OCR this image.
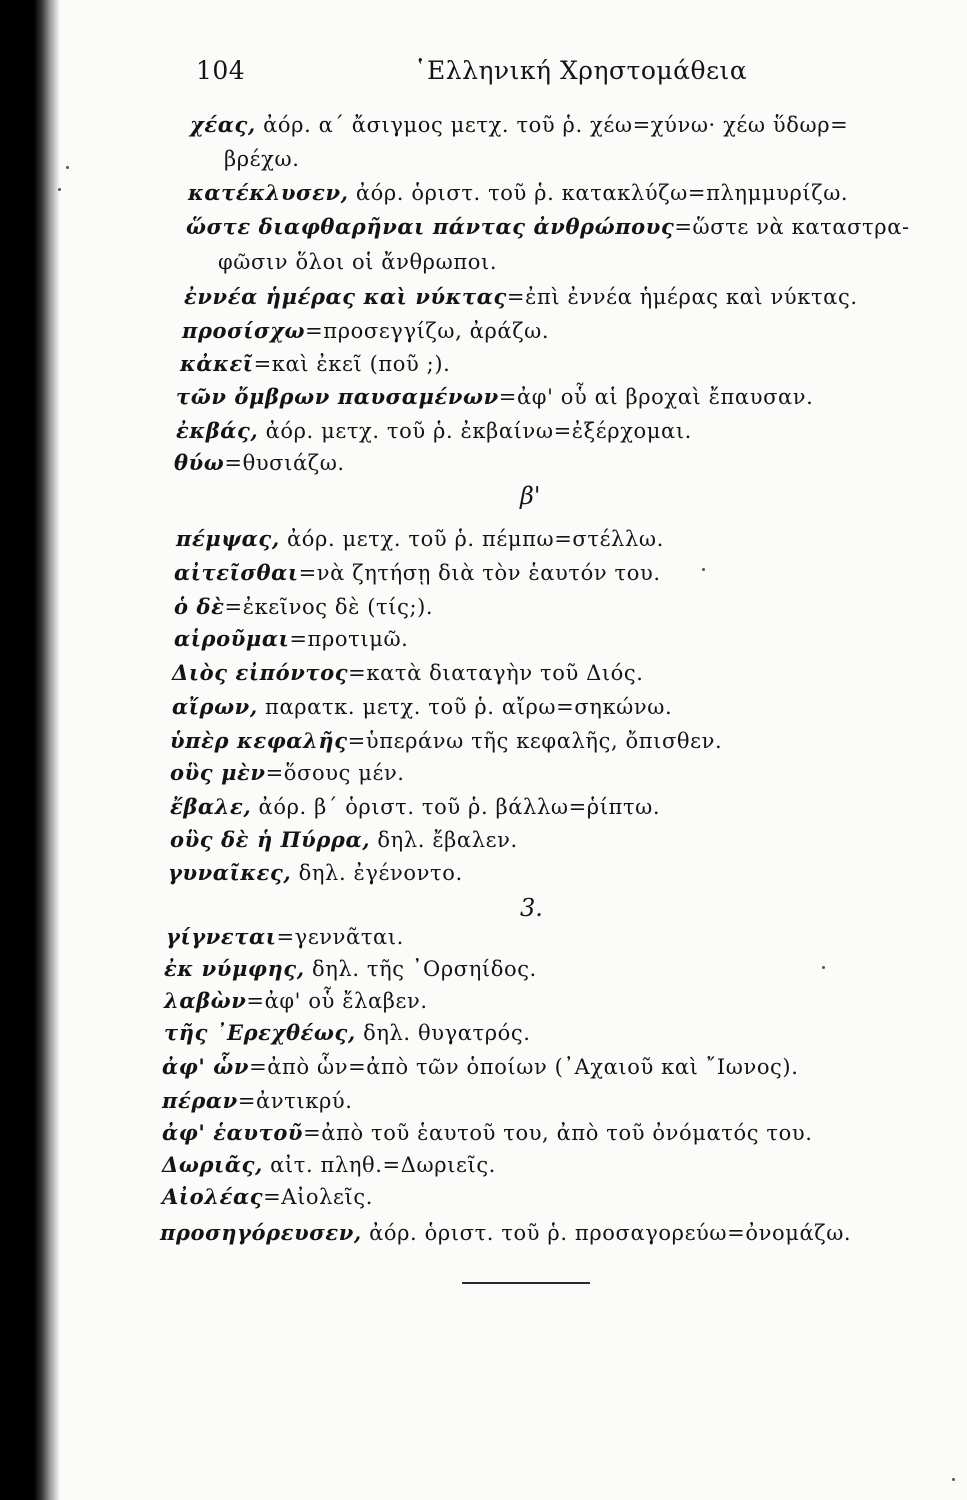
104	῾Ελληνική Χρηστομάθεια
χέας, ἀόρ. α΄ ἄσιγμος μετχ. τοῦ ῥ. χέω=χύνω· χέω ὕδωρ=
βρέχω.
κατέκλυσεν, ἀόρ. ὁριστ. τοῦ ῥ. κατακλύζω=πλημμυρίζω.
ὥστε διαφθαρῆναι πάντας ἀνθρώπους=ὥστε νὰ καταστρα-
φῶσιν ὅλοι οἱ ἄνθρωποι.
ἐννέα ἡμέρας καὶ νύκτας=ἐπὶ ἐννέα ἡμέρας καὶ νύκτας.
προσίσχω=προσεγγίζω, ἀράζω.
κἀκεῖ=καὶ ἐκεῖ (ποῦ ;).
τῶν ὄμβρων παυσαμένων=ἀφ' οὗ αἱ βροχαὶ ἔπαυσαν.
ἐκβάς, ἀόρ. μετχ. τοῦ ῥ. ἐκβαίνω=ἐξέρχομαι.
θύω=θυσιάζω.
β'
πέμψας, ἀόρ. μετχ. τοῦ ῥ. πέμπω=στέλλω.
αἰτεῖσθαι=νὰ ζητήσῃ διὰ τὸν ἑαυτόν του.
ὁ δὲ=ἐκεῖνος δὲ (τίς;).
αἱροῦμαι=προτιμῶ.
Διὸς εἰπόντος=κατὰ διαταγὴν τοῦ Διός.
αἴρων, παρατκ. μετχ. τοῦ ῥ. αἴρω=σηκώνω.
ὑπὲρ κεφαλῆς=ὑπεράνω τῆς κεφαλῆς, ὄπισθεν.
οὓς μὲν=ὅσους μέν.
ἔβαλε, ἀόρ. β΄ ὁριστ. τοῦ ῥ. βάλλω=ῥίπτω.
οὓς δὲ ἡ Πύρρα, δηλ. ἔβαλεν.
γυναῖκες, δηλ. ἐγένοντο.
3.
γίγνεται=γεννᾶται.
ἐκ νύμφης, δηλ. τῆς ᾿Ορσηίδος.
λαβὼν=ἀφ' οὗ ἔλαβεν.
τῆς ᾿Ερεχθέως, δηλ. θυγατρός.
ἀφ' ὧν=ἀπὸ ὧν=ἀπὸ τῶν ὁποίων (᾿Αχαιοῦ καὶ ῎Ιωνος).
πέραν=ἀντικρύ.
ἀφ' ἑαυτοῦ=ἀπὸ τοῦ ἑαυτοῦ του, ἀπὸ τοῦ ὀνόματός του.
Δωριᾶς, αἰτ. πληθ.=Δωριεῖς.
Αἰολέας=Αἰολεῖς.
προσηγόρευσεν, ἀόρ. ὁριστ. τοῦ ῥ. προσαγορεύω=ὀνομάζω.
